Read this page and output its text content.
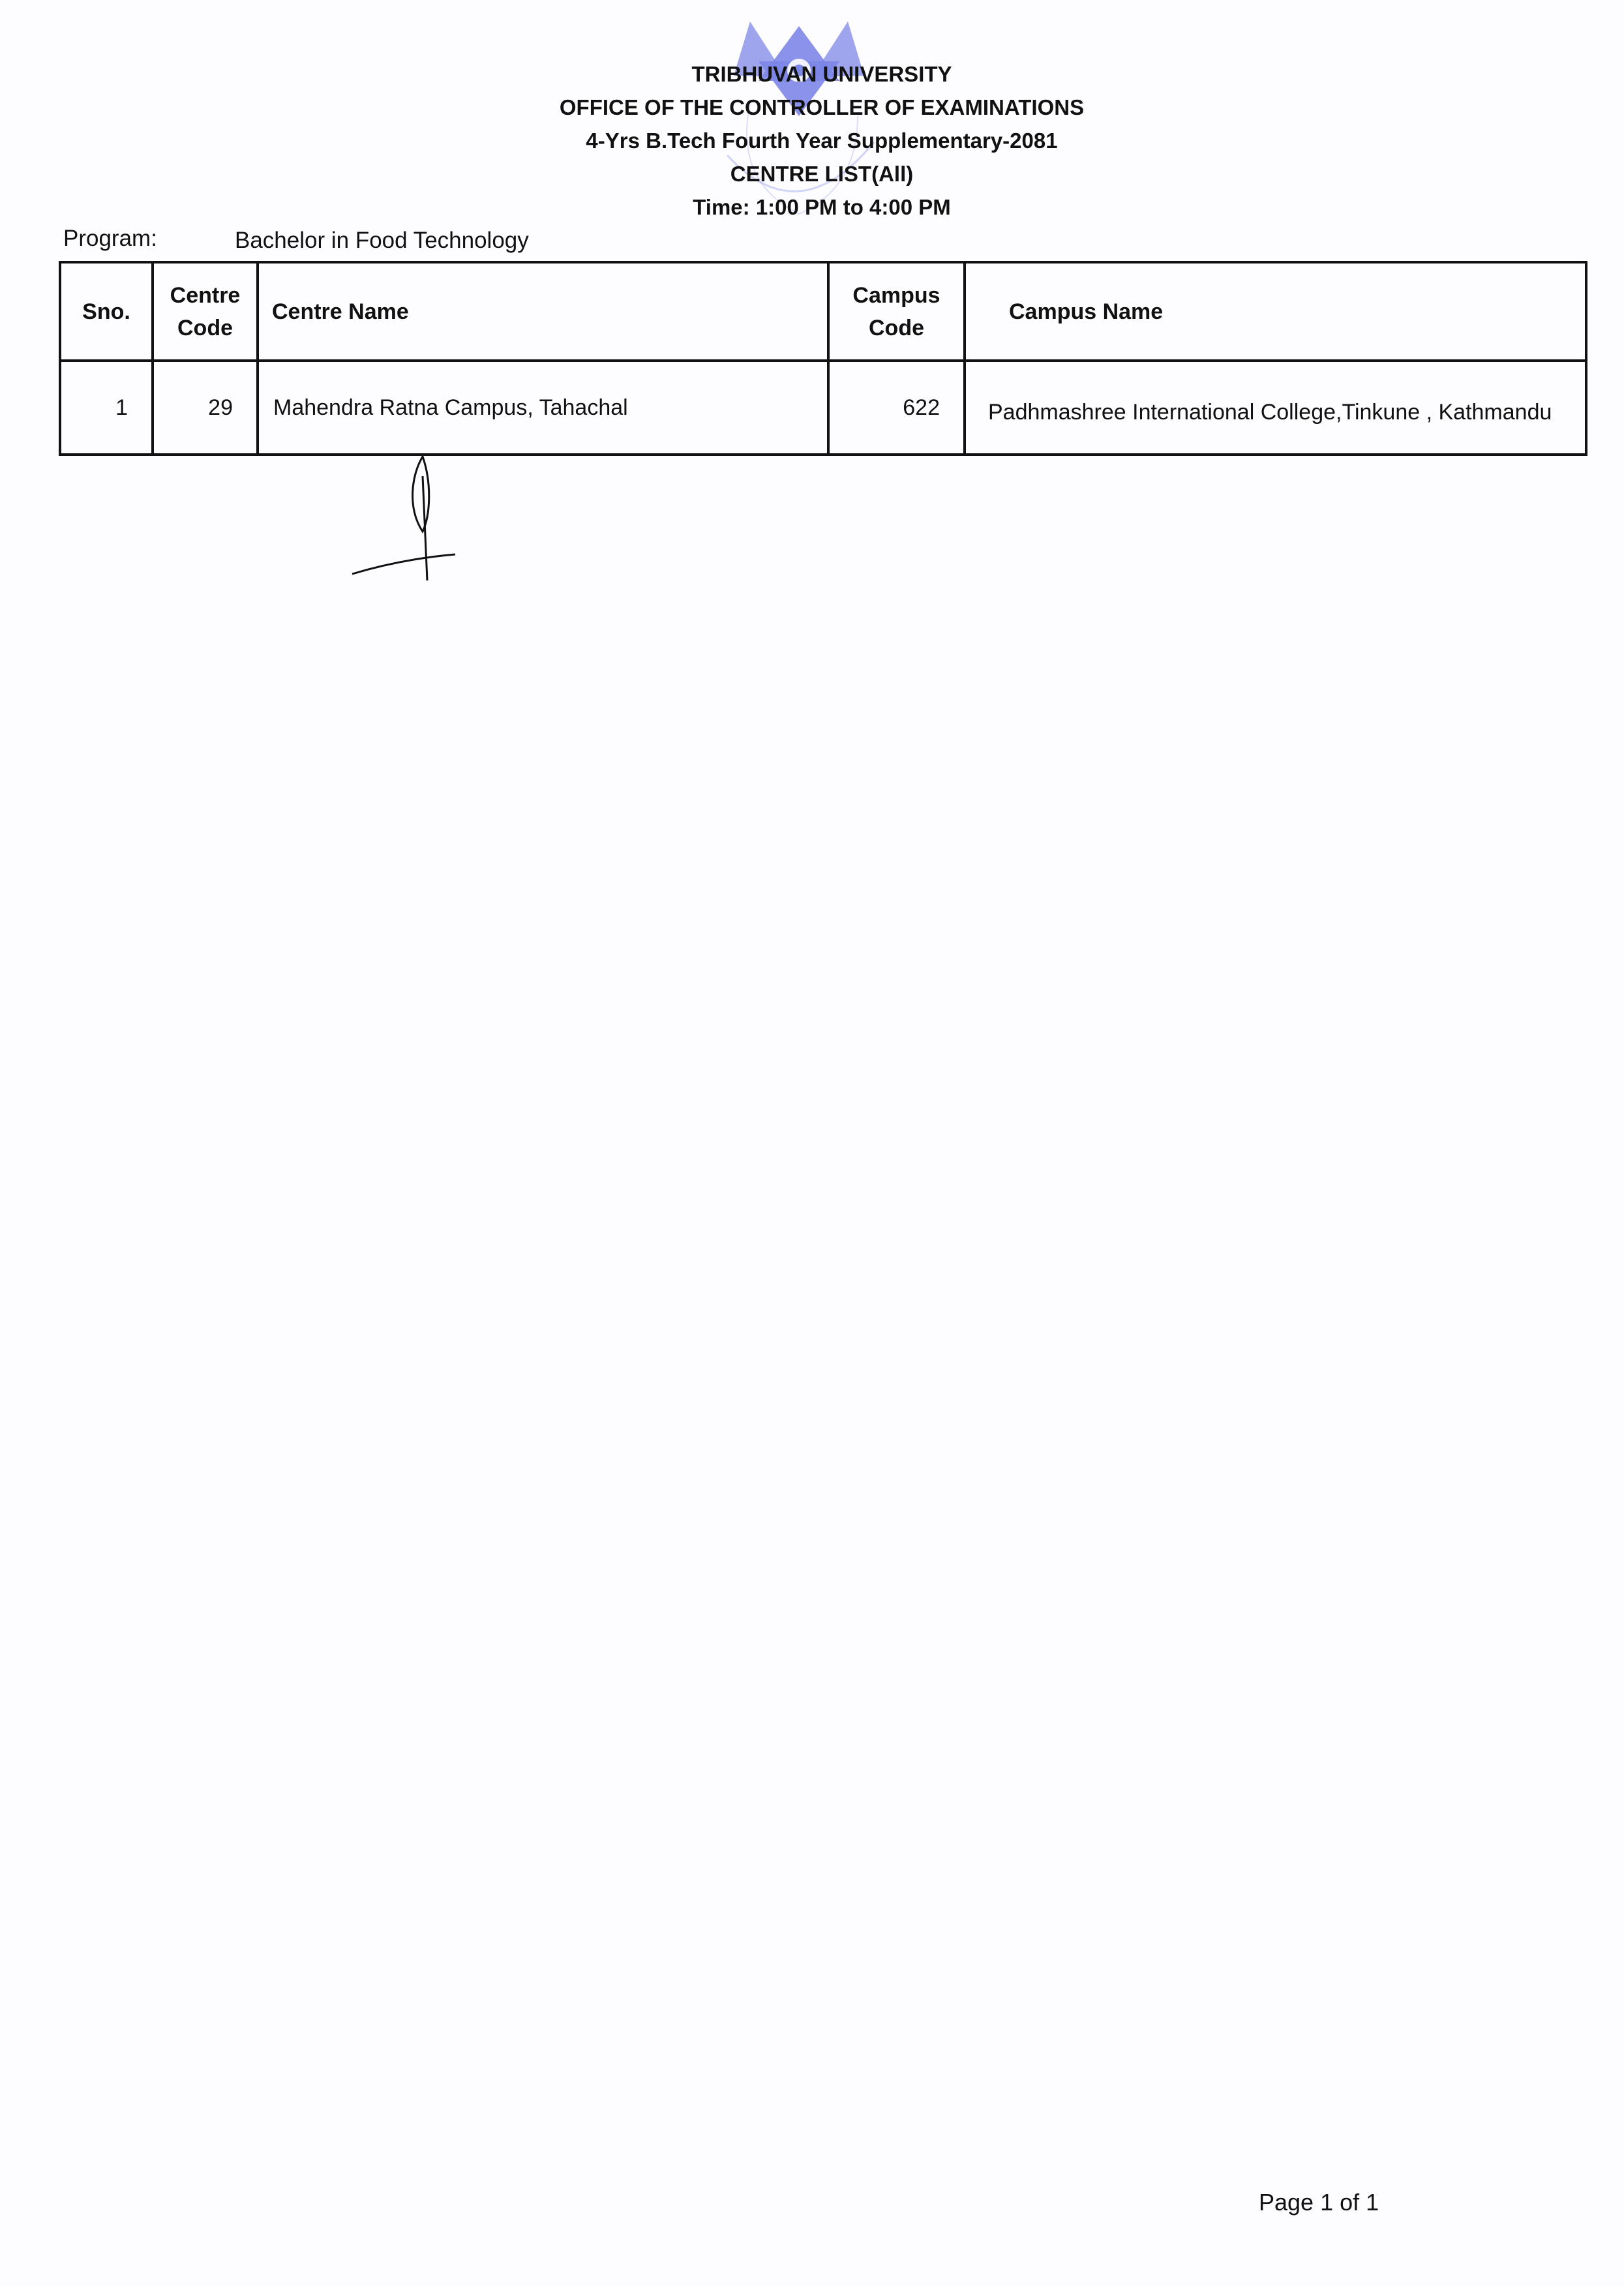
TRIBHUVAN UNIVERSITY
OFFICE OF THE CONTROLLER OF EXAMINATIONS
4-Yrs B.Tech Fourth Year Supplementary-2081
CENTRE LIST(All)
Time: 1:00 PM to 4:00 PM
Program:	Bachelor in Food Technology
Sno.	Centre Code	Centre Name	Campus Code	Campus Name
1	29	Mahendra Ratna Campus, Tahachal	622	Padhmashree International College,Tinkune , Kathmandu
Page 1 of 1
